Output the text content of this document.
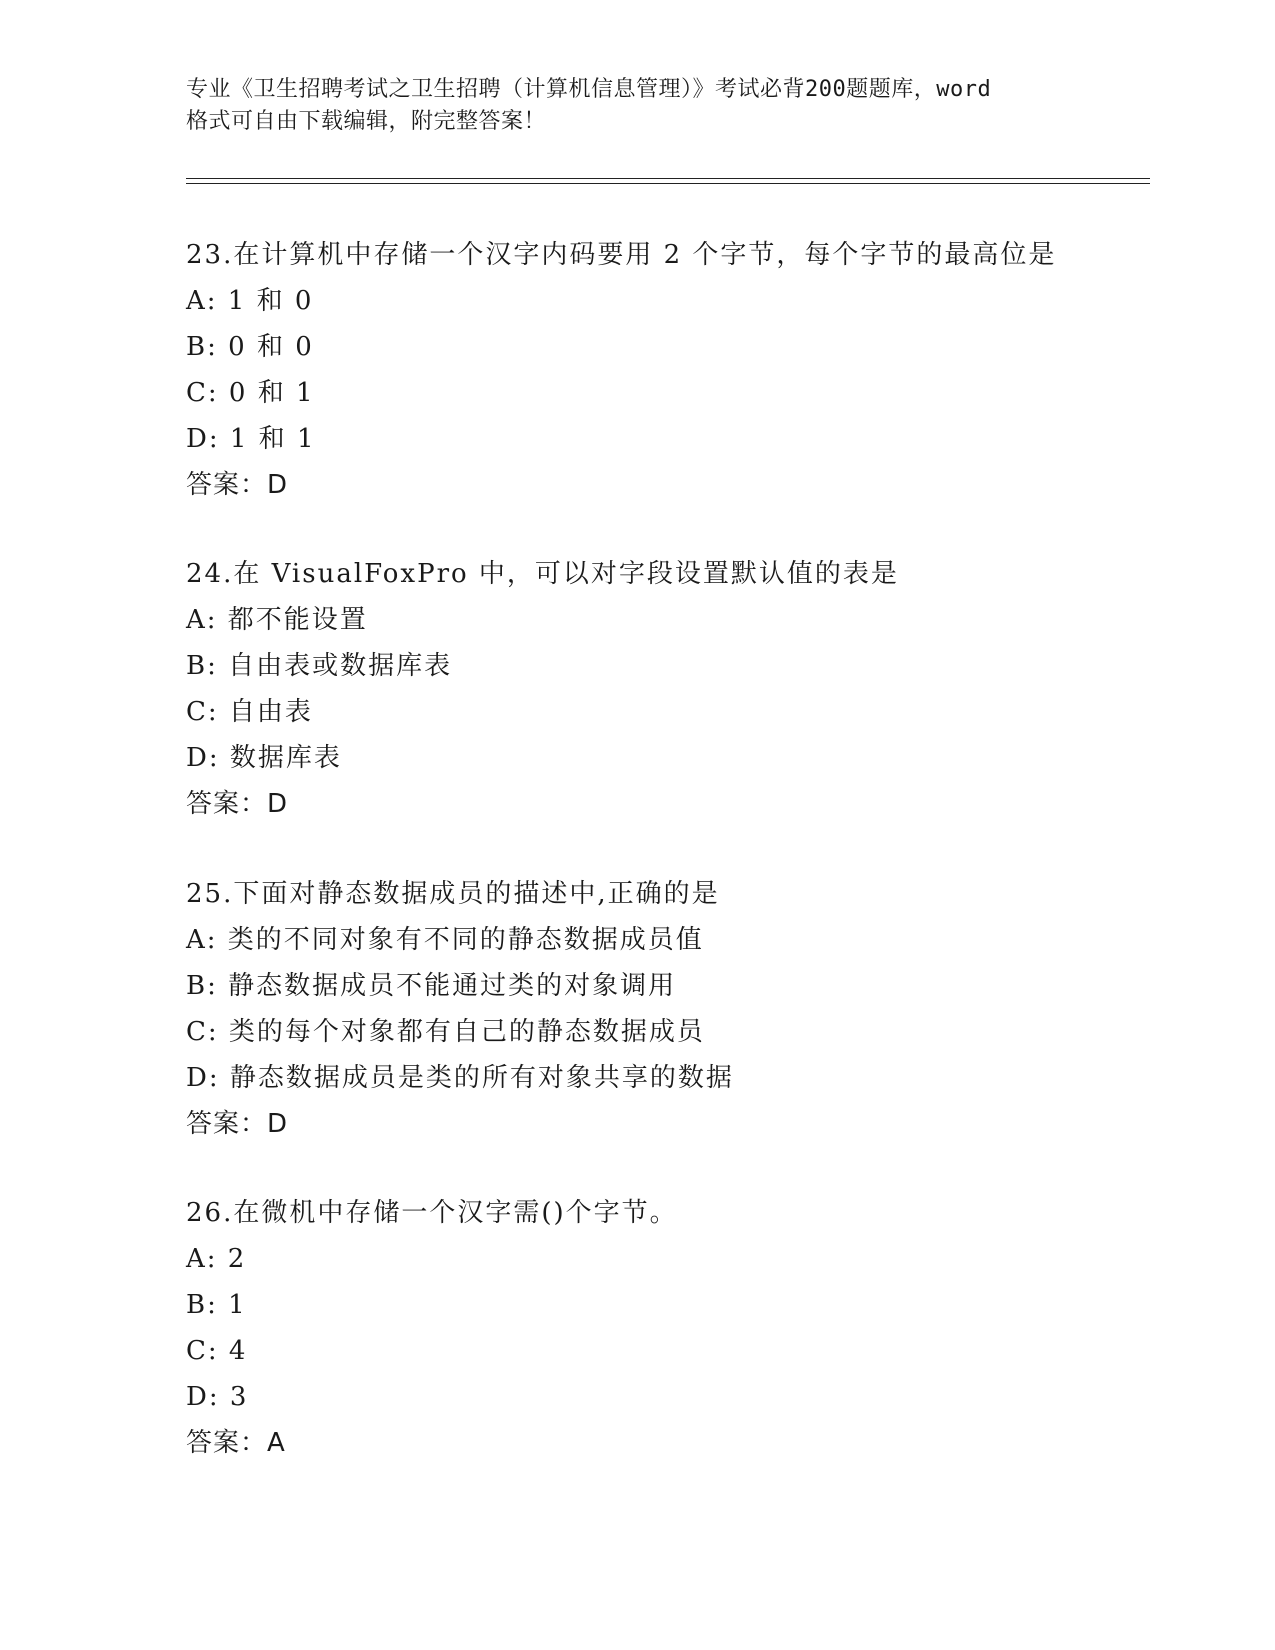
专业《卫生招聘考试之卫生招聘（计算机信息管理）》考试必背200题题库，word
格式可自由下载编辑，附完整答案！
23.在计算机中存储一个汉字内码要用 2 个字节，每个字节的最高位是
A: 1 和 0
B: 0 和 0
C: 0 和 1
D: 1 和 1
答案：D
24.在 VisualFoxPro 中，可以对字段设置默认值的表是
A: 都不能设置
B: 自由表或数据库表
C: 自由表
D: 数据库表
答案：D
25.下面对静态数据成员的描述中,正确的是
A: 类的不同对象有不同的静态数据成员值
B: 静态数据成员不能通过类的对象调用
C: 类的每个对象都有自己的静态数据成员
D: 静态数据成员是类的所有对象共享的数据
答案：D
26.在微机中存储一个汉字需()个字节。
A: 2
B: 1
C: 4
D: 3
答案：A
